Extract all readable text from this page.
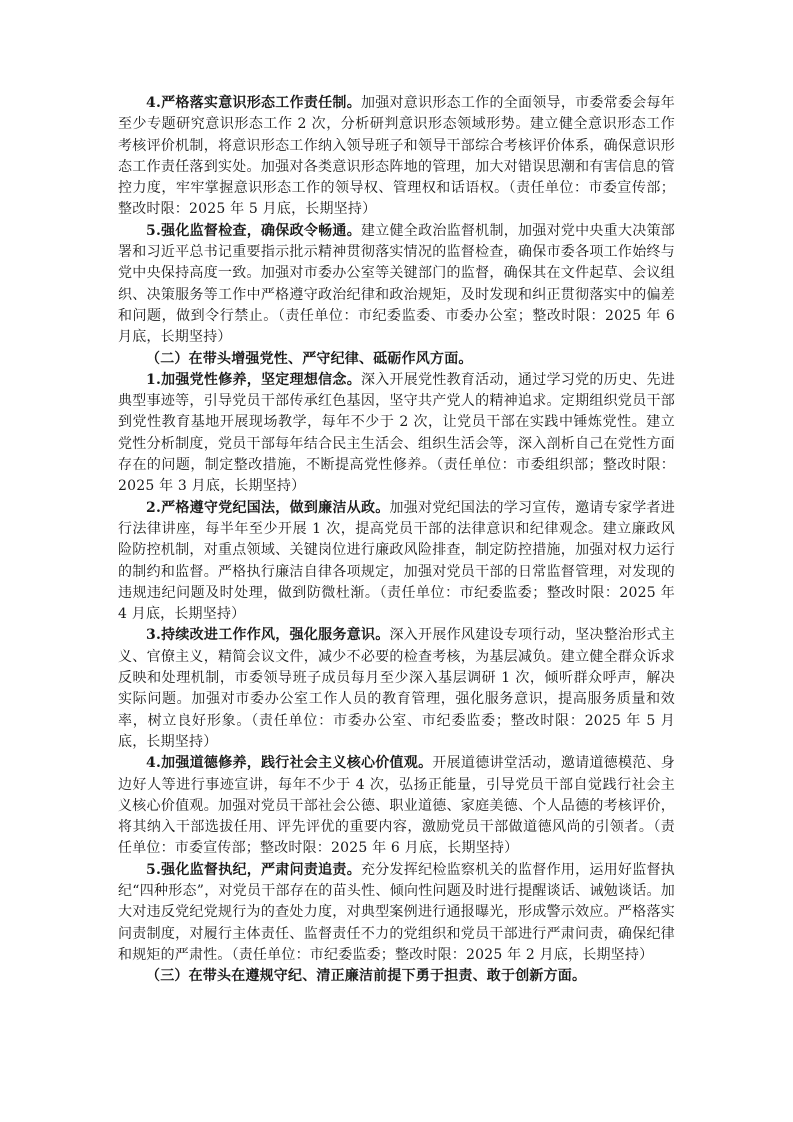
4.严格落实意识形态工作责任制。加强对意识形态工作的全面领导，市委常委会每年至少专题研究意识形态工作 2 次，分析研判意识形态领域形势。建立健全意识形态工作考核评价机制，将意识形态工作纳入领导班子和领导干部综合考核评价体系，确保意识形态工作责任落到实处。加强对各类意识形态阵地的管理，加大对错误思潮和有害信息的管控力度，牢牢掌握意识形态工作的领导权、管理权和话语权。（责任单位：市委宣传部；整改时限：2025 年 5 月底，长期坚持）

5.强化监督检查，确保政令畅通。建立健全政治监督机制，加强对党中央重大决策部署和习近平总书记重要指示批示精神贯彻落实情况的监督检查，确保市委各项工作始终与党中央保持高度一致。加强对市委办公室等关键部门的监督，确保其在文件起草、会议组织、决策服务等工作中严格遵守政治纪律和政治规矩，及时发现和纠正贯彻落实中的偏差和问题，做到令行禁止。（责任单位：市纪委监委、市委办公室；整改时限：2025 年 6 月底，长期坚持）

（二）在带头增强党性、严守纪律、砥砺作风方面。

1.加强党性修养，坚定理想信念。深入开展党性教育活动，通过学习党的历史、先进典型事迹等，引导党员干部传承红色基因，坚守共产党人的精神追求。定期组织党员干部到党性教育基地开展现场教学，每年不少于 2 次，让党员干部在实践中锤炼党性。建立党性分析制度，党员干部每年结合民主生活会、组织生活会等，深入剖析自己在党性方面存在的问题，制定整改措施，不断提高党性修养。（责任单位：市委组织部；整改时限：2025 年 3 月底，长期坚持）

2.严格遵守党纪国法，做到廉洁从政。加强对党纪国法的学习宣传，邀请专家学者进行法律讲座，每半年至少开展 1 次，提高党员干部的法律意识和纪律观念。建立廉政风险防控机制，对重点领域、关键岗位进行廉政风险排查，制定防控措施，加强对权力运行的制约和监督。严格执行廉洁自律各项规定，加强对党员干部的日常监督管理，对发现的违规违纪问题及时处理，做到防微杜渐。（责任单位：市纪委监委；整改时限：2025 年 4 月底，长期坚持）

3.持续改进工作作风，强化服务意识。深入开展作风建设专项行动，坚决整治形式主义、官僚主义，精简会议文件，减少不必要的检查考核，为基层减负。建立健全群众诉求反映和处理机制，市委领导班子成员每月至少深入基层调研 1 次，倾听群众呼声，解决实际问题。加强对市委办公室工作人员的教育管理，强化服务意识，提高服务质量和效率，树立良好形象。（责任单位：市委办公室、市纪委监委；整改时限：2025 年 5 月底，长期坚持）

4.加强道德修养，践行社会主义核心价值观。开展道德讲堂活动，邀请道德模范、身边好人等进行事迹宣讲，每年不少于 4 次，弘扬正能量，引导党员干部自觉践行社会主义核心价值观。加强对党员干部社会公德、职业道德、家庭美德、个人品德的考核评价，将其纳入干部选拔任用、评先评优的重要内容，激励党员干部做道德风尚的引领者。（责任单位：市委宣传部；整改时限：2025 年 6 月底，长期坚持）

5.强化监督执纪，严肃问责追责。充分发挥纪检监察机关的监督作用，运用好监督执纪“四种形态”，对党员干部存在的苗头性、倾向性问题及时进行提醒谈话、诫勉谈话。加大对违反党纪党规行为的查处力度，对典型案例进行通报曝光，形成警示效应。严格落实问责制度，对履行主体责任、监督责任不力的党组织和党员干部进行严肃问责，确保纪律和规矩的严肃性。（责任单位：市纪委监委；整改时限：2025 年 2 月底，长期坚持）

（三）在带头在遵规守纪、清正廉洁前提下勇于担责、敢于创新方面。
